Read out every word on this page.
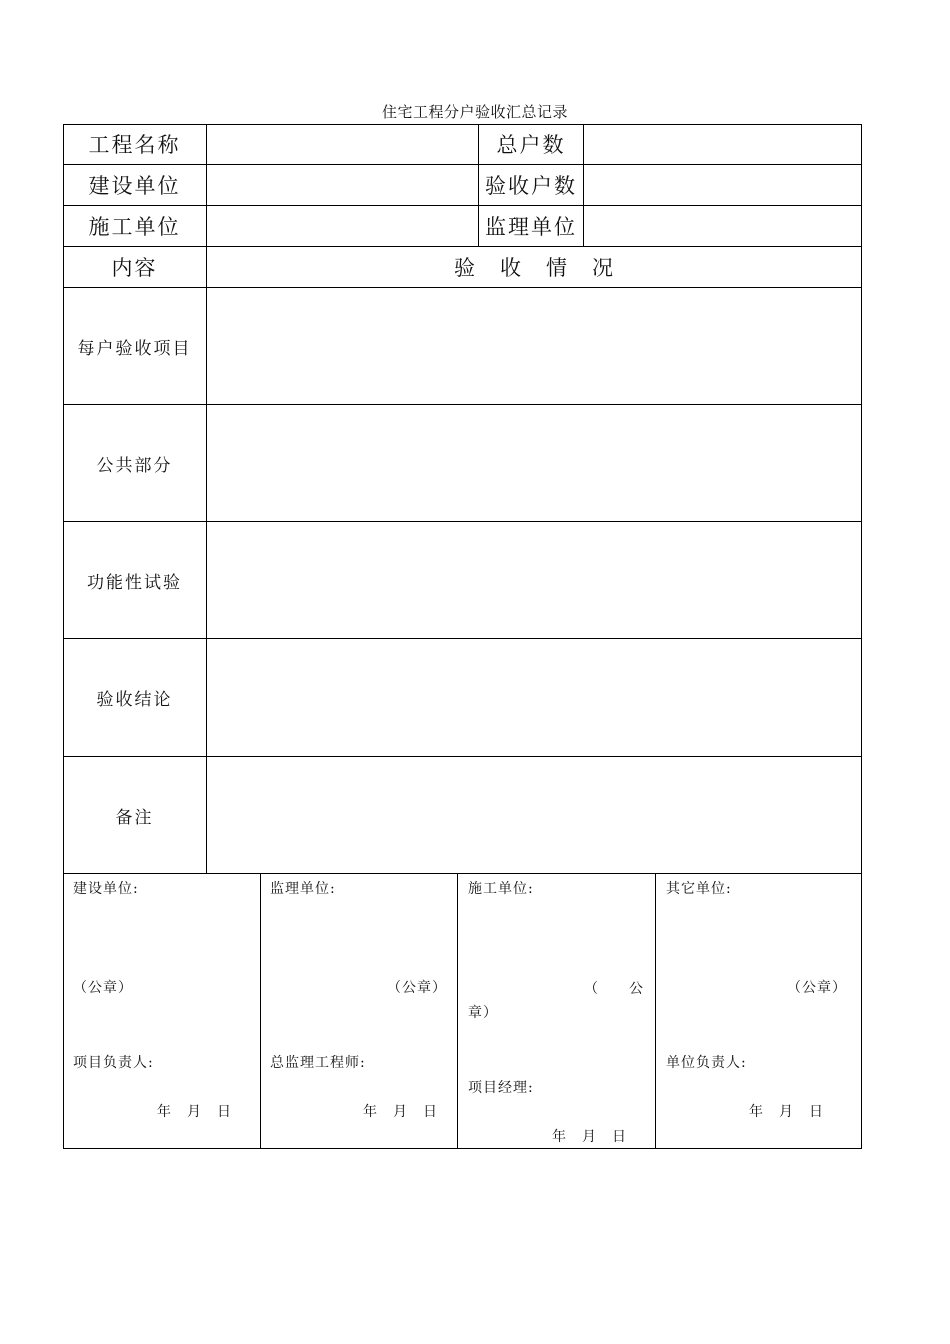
住宅工程分户验收汇总记录
工程名称	总户数
建设单位	验收户数
施工单位	监理单位
内容	验　收　情　况
每户验收项目
公共部分
功能性试验
验收结论
备注
建设单位:
（公章）
项目负责人:
年　月　日
监理单位:
（公章）
总监理工程师:
年　月　日
施工单位:
（　　公
章）
项目经理:
年　月　日
其它单位:
（公章）
单位负责人:
年　月　日
